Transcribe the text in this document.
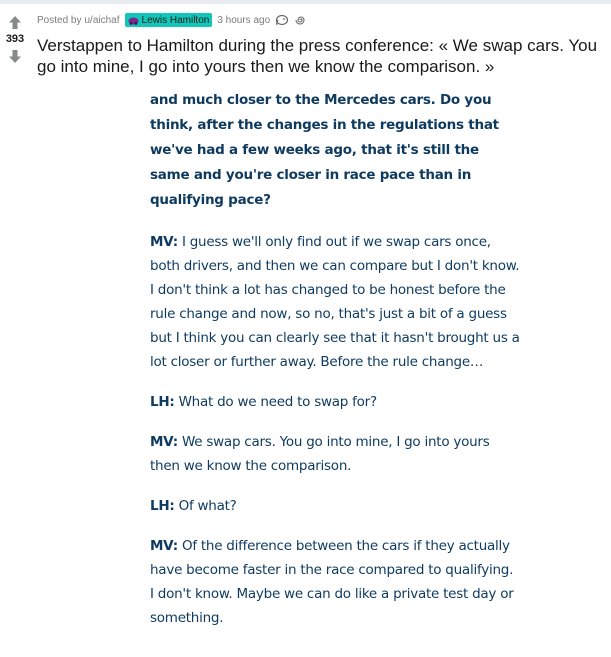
393
Posted by u/aichaf Lewis Hamilton 3 hours ago
Verstappen to Hamilton during the press conference: « We swap cars. You go into mine, I go into yours then we know the comparison. »

and much closer to the Mercedes cars. Do you think, after the changes in the regulations that we've had a few weeks ago, that it's still the same and you're closer in race pace than in qualifying pace?

MV: I guess we'll only find out if we swap cars once, both drivers, and then we can compare but I don't know. I don't think a lot has changed to be honest before the rule change and now, so no, that's just a bit of a guess but I think you can clearly see that it hasn't brought us a lot closer or further away. Before the rule change…

LH: What do we need to swap for?

MV: We swap cars. You go into mine, I go into yours then we know the comparison.

LH: Of what?

MV: Of the difference between the cars if they actually have become faster in the race compared to qualifying. I don't know. Maybe we can do like a private test day or something.
